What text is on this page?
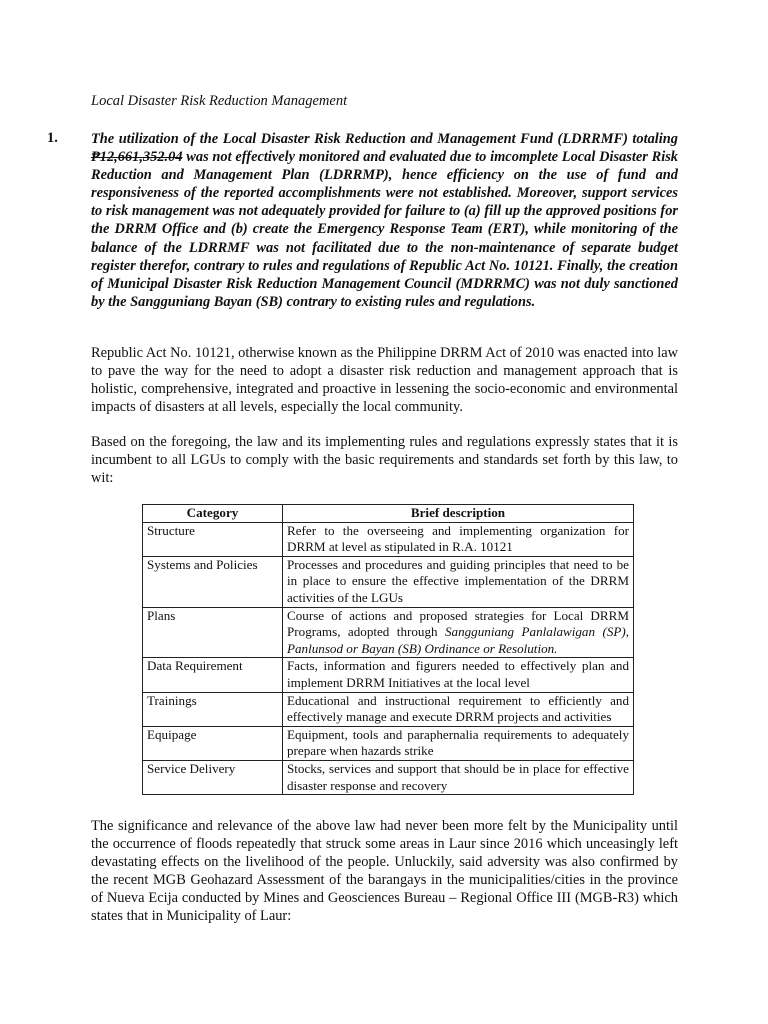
Local Disaster Risk Reduction Management
1. The utilization of the Local Disaster Risk Reduction and Management Fund (LDRRMF) totaling ₱12,661,352.04 was not effectively monitored and evaluated due to imcomplete Local Disaster Risk Reduction and Management Plan (LDRRMP), hence efficiency on the use of fund and responsiveness of the reported accomplishments were not established. Moreover, support services to risk management was not adequately provided for failure to (a) fill up the approved positions for the DRRM Office and (b) create the Emergency Response Team (ERT), while monitoring of the balance of the LDRRMF was not facilitated due to the non-maintenance of separate budget register therefor, contrary to rules and regulations of Republic Act No. 10121. Finally, the creation of Municipal Disaster Risk Reduction Management Council (MDRRMC) was not duly sanctioned by the Sangguniang Bayan (SB) contrary to existing rules and regulations.

Republic Act No. 10121, otherwise known as the Philippine DRRM Act of 2010 was enacted into law to pave the way for the need to adopt a disaster risk reduction and management approach that is holistic, comprehensive, integrated and proactive in lessening the socio-economic and environmental impacts of disasters at all levels, especially the local community.

Based on the foregoing, the law and its implementing rules and regulations expressly states that it is incumbent to all LGUs to comply with the basic requirements and standards set forth by this law, to wit:

Category	Brief description
Structure	Refer to the overseeing and implementing organization for DRRM at level as stipulated in R.A. 10121
Systems and Policies	Processes and procedures and guiding principles that need to be in place to ensure the effective implementation of the DRRM activities of the LGUs
Plans	Course of actions and proposed strategies for Local DRRM Programs, adopted through Sangguniang Panlalawigan (SP), Panlunsod or Bayan (SB) Ordinance or Resolution.
Data Requirement	Facts, information and figurers needed to effectively plan and implement DRRM Initiatives at the local level
Trainings	Educational and instructional requirement to efficiently and effectively manage and execute DRRM projects and activities
Equipage	Equipment, tools and paraphernalia requirements to adequately prepare when hazards strike
Service Delivery	Stocks, services and support that should be in place for effective disaster response and recovery

The significance and relevance of the above law had never been more felt by the Municipality until the occurrence of floods repeatedly that struck some areas in Laur since 2016 which unceasingly left devastating effects on the livelihood of the people. Unluckily, said adversity was also confirmed by the recent MGB Geohazard Assessment of the barangays in the municipalities/cities in the province of Nueva Ecija conducted by Mines and Geosciences Bureau – Regional Office III (MGB-R3) which states that in Municipality of Laur:
